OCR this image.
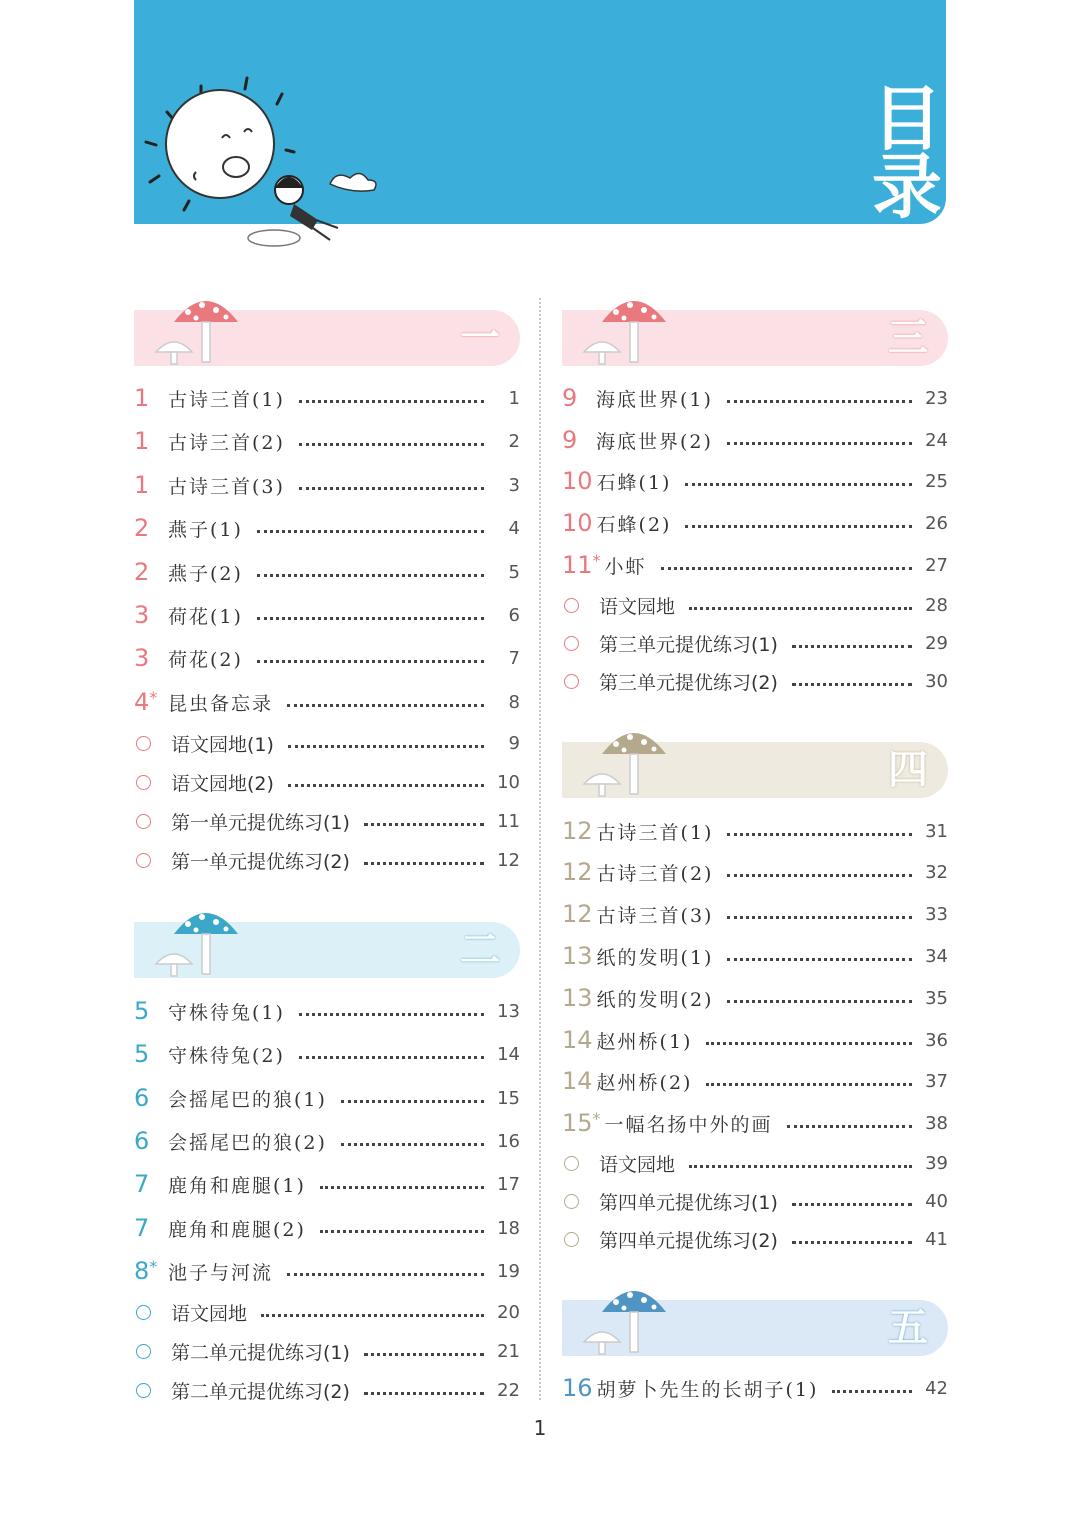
目
录
一
二
1 古诗三首(1)	1
1 古诗三首(2)	2
1 古诗三首(3)	3
2 燕子(1)	4
2 燕子(2)	5
3 荷花(1)	6
3 荷花(2)	7
4* 昆虫备忘录	8
语文园地(1)	9
语文园地(2)	10
第一单元提优练习(1)	11
第一单元提优练习(2)	12
5 守株待兔(1)	13
5 守株待兔(2)	14
6 会摇尾巴的狼(1)	15
6 会摇尾巴的狼(2)	16
7 鹿角和鹿腿(1)	17
7 鹿角和鹿腿(2)	18
8* 池子与河流	19
语文园地	20
第二单元提优练习(1)	21
第二单元提优练习(2)	22
三
四
五
9 海底世界(1)	23
9 海底世界(2)	24
10 石蜂(1)	25
10 石蜂(2)	26
11* 小虾	27
语文园地	28
第三单元提优练习(1)	29
第三单元提优练习(2)	30
12 古诗三首(1)	31
12 古诗三首(2)	32
12 古诗三首(3)	33
13 纸的发明(1)	34
13 纸的发明(2)	35
14 赵州桥(1)	36
14 赵州桥(2)	37
15* 一幅名扬中外的画	38
语文园地	39
第四单元提优练习(1)	40
第四单元提优练习(2)	41
16 胡萝卜先生的长胡子(1)	42
1
